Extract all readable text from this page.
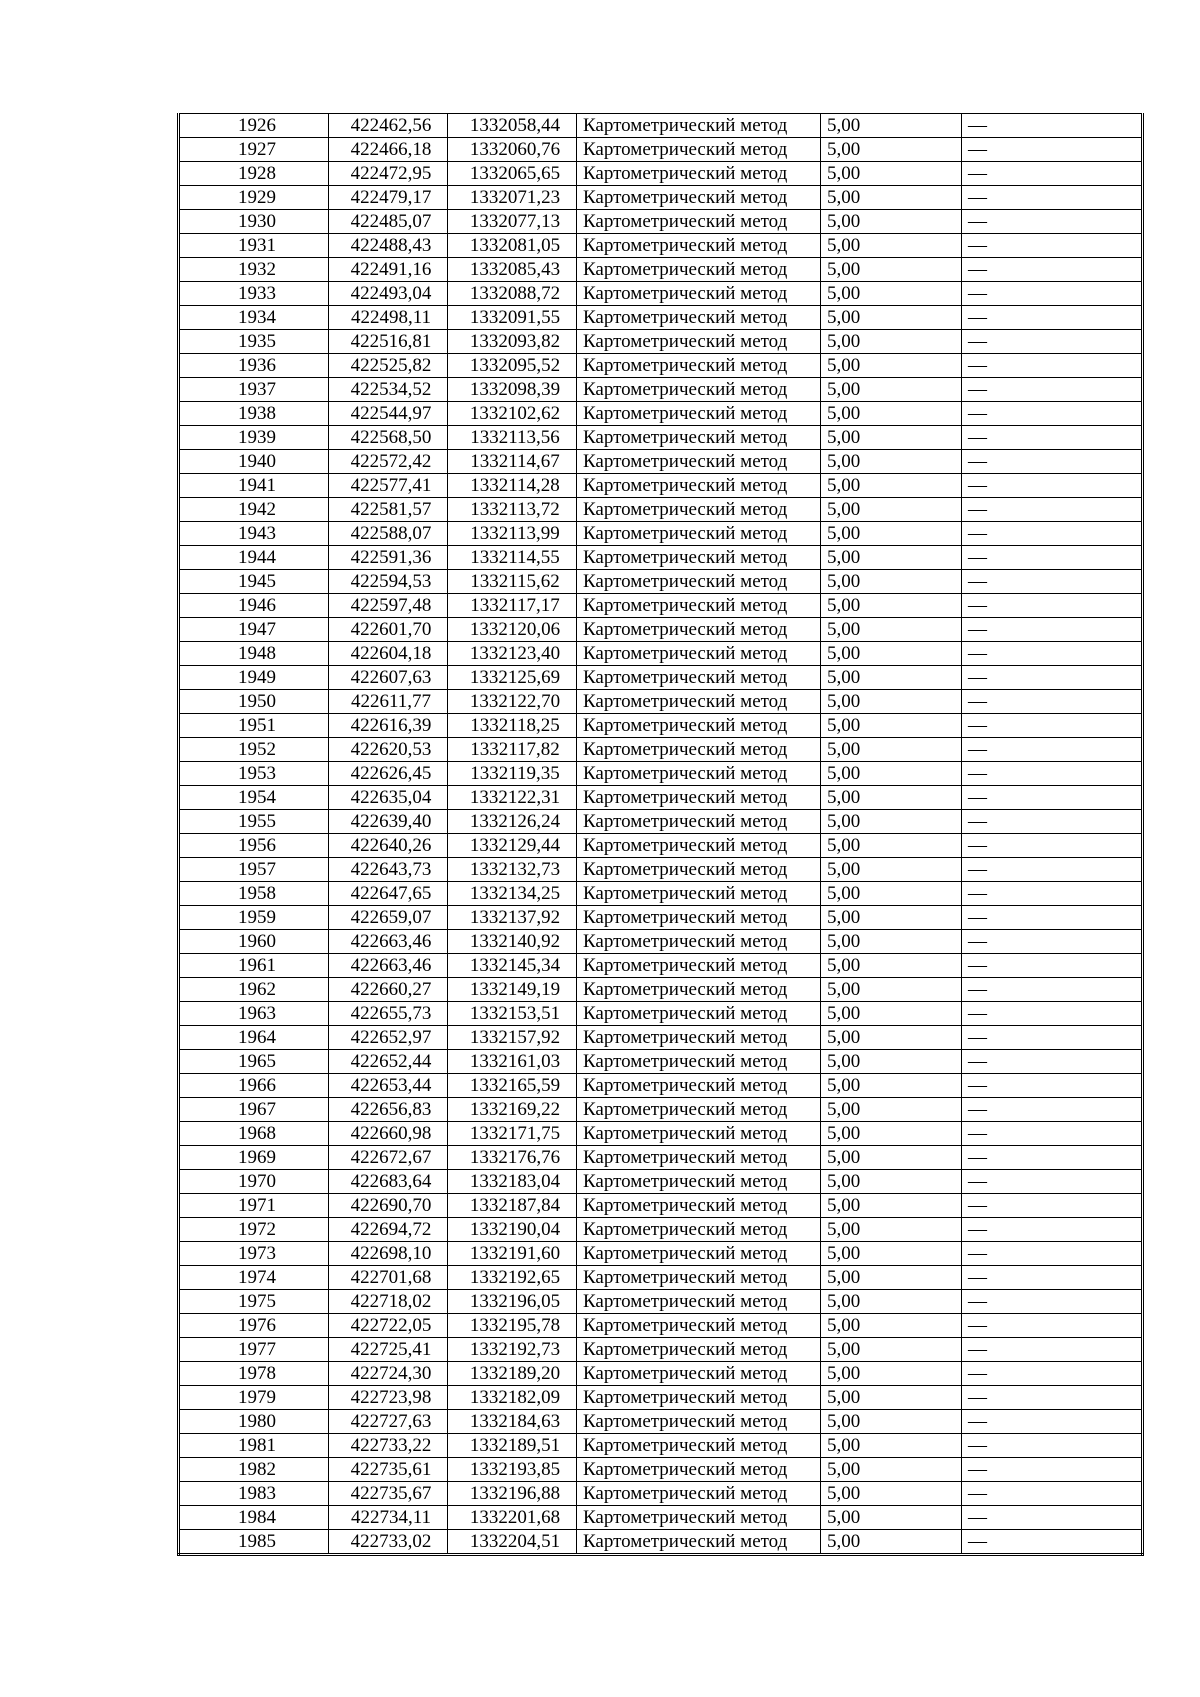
1926	422462,56	1332058,44	Картометрический метод	5,00	—
1927	422466,18	1332060,76	Картометрический метод	5,00	—
1928	422472,95	1332065,65	Картометрический метод	5,00	—
1929	422479,17	1332071,23	Картометрический метод	5,00	—
1930	422485,07	1332077,13	Картометрический метод	5,00	—
1931	422488,43	1332081,05	Картометрический метод	5,00	—
1932	422491,16	1332085,43	Картометрический метод	5,00	—
1933	422493,04	1332088,72	Картометрический метод	5,00	—
1934	422498,11	1332091,55	Картометрический метод	5,00	—
1935	422516,81	1332093,82	Картометрический метод	5,00	—
1936	422525,82	1332095,52	Картометрический метод	5,00	—
1937	422534,52	1332098,39	Картометрический метод	5,00	—
1938	422544,97	1332102,62	Картометрический метод	5,00	—
1939	422568,50	1332113,56	Картометрический метод	5,00	—
1940	422572,42	1332114,67	Картометрический метод	5,00	—
1941	422577,41	1332114,28	Картометрический метод	5,00	—
1942	422581,57	1332113,72	Картометрический метод	5,00	—
1943	422588,07	1332113,99	Картометрический метод	5,00	—
1944	422591,36	1332114,55	Картометрический метод	5,00	—
1945	422594,53	1332115,62	Картометрический метод	5,00	—
1946	422597,48	1332117,17	Картометрический метод	5,00	—
1947	422601,70	1332120,06	Картометрический метод	5,00	—
1948	422604,18	1332123,40	Картометрический метод	5,00	—
1949	422607,63	1332125,69	Картометрический метод	5,00	—
1950	422611,77	1332122,70	Картометрический метод	5,00	—
1951	422616,39	1332118,25	Картометрический метод	5,00	—
1952	422620,53	1332117,82	Картометрический метод	5,00	—
1953	422626,45	1332119,35	Картометрический метод	5,00	—
1954	422635,04	1332122,31	Картометрический метод	5,00	—
1955	422639,40	1332126,24	Картометрический метод	5,00	—
1956	422640,26	1332129,44	Картометрический метод	5,00	—
1957	422643,73	1332132,73	Картометрический метод	5,00	—
1958	422647,65	1332134,25	Картометрический метод	5,00	—
1959	422659,07	1332137,92	Картометрический метод	5,00	—
1960	422663,46	1332140,92	Картометрический метод	5,00	—
1961	422663,46	1332145,34	Картометрический метод	5,00	—
1962	422660,27	1332149,19	Картометрический метод	5,00	—
1963	422655,73	1332153,51	Картометрический метод	5,00	—
1964	422652,97	1332157,92	Картометрический метод	5,00	—
1965	422652,44	1332161,03	Картометрический метод	5,00	—
1966	422653,44	1332165,59	Картометрический метод	5,00	—
1967	422656,83	1332169,22	Картометрический метод	5,00	—
1968	422660,98	1332171,75	Картометрический метод	5,00	—
1969	422672,67	1332176,76	Картометрический метод	5,00	—
1970	422683,64	1332183,04	Картометрический метод	5,00	—
1971	422690,70	1332187,84	Картометрический метод	5,00	—
1972	422694,72	1332190,04	Картометрический метод	5,00	—
1973	422698,10	1332191,60	Картометрический метод	5,00	—
1974	422701,68	1332192,65	Картометрический метод	5,00	—
1975	422718,02	1332196,05	Картометрический метод	5,00	—
1976	422722,05	1332195,78	Картометрический метод	5,00	—
1977	422725,41	1332192,73	Картометрический метод	5,00	—
1978	422724,30	1332189,20	Картометрический метод	5,00	—
1979	422723,98	1332182,09	Картометрический метод	5,00	—
1980	422727,63	1332184,63	Картометрический метод	5,00	—
1981	422733,22	1332189,51	Картометрический метод	5,00	—
1982	422735,61	1332193,85	Картометрический метод	5,00	—
1983	422735,67	1332196,88	Картометрический метод	5,00	—
1984	422734,11	1332201,68	Картометрический метод	5,00	—
1985	422733,02	1332204,51	Картометрический метод	5,00	—
